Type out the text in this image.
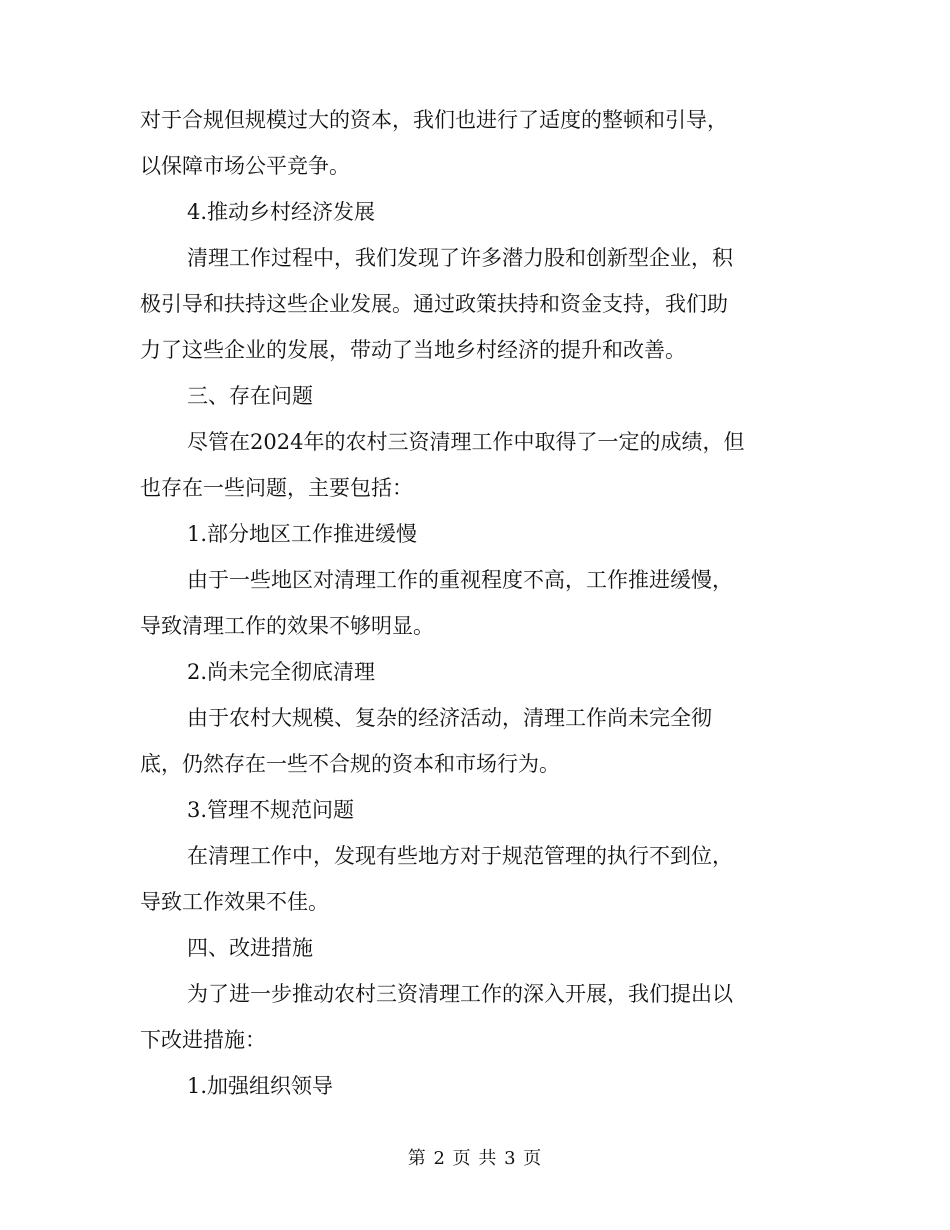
对于合规但规模过大的资本，我们也进行了适度的整顿和引导，
以保障市场公平竞争。
4.推动乡村经济发展
清理工作过程中，我们发现了许多潜力股和创新型企业，积
极引导和扶持这些企业发展。通过政策扶持和资金支持，我们助
力了这些企业的发展，带动了当地乡村经济的提升和改善。
三、存在问题
尽管在2024年的农村三资清理工作中取得了一定的成绩，但
也存在一些问题，主要包括：
1.部分地区工作推进缓慢
由于一些地区对清理工作的重视程度不高，工作推进缓慢，
导致清理工作的效果不够明显。
2.尚未完全彻底清理
由于农村大规模、复杂的经济活动，清理工作尚未完全彻
底，仍然存在一些不合规的资本和市场行为。
3.管理不规范问题
在清理工作中，发现有些地方对于规范管理的执行不到位，
导致工作效果不佳。
四、改进措施
为了进一步推动农村三资清理工作的深入开展，我们提出以
下改进措施：
1.加强组织领导
第 2 页 共 3 页
